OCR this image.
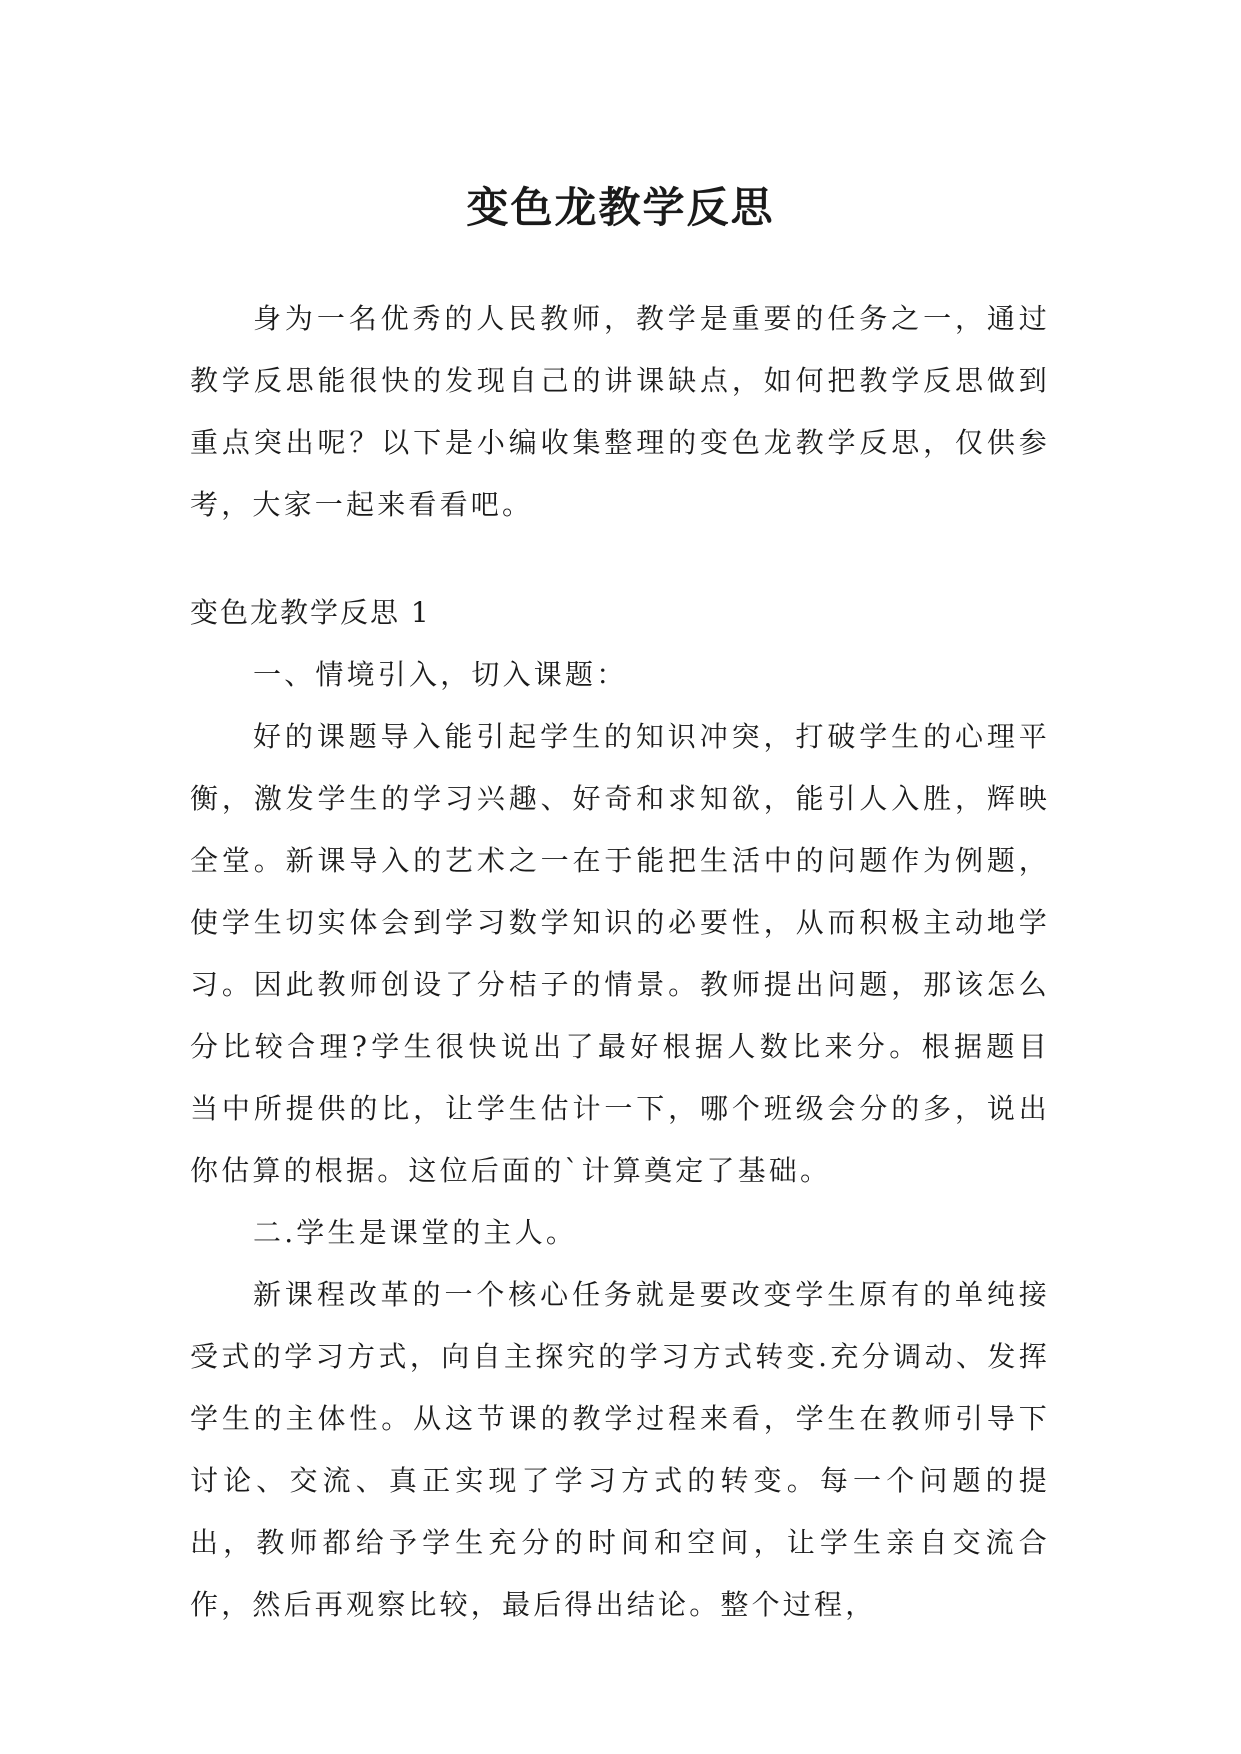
变色龙教学反思

身为一名优秀的人民教师，教学是重要的任务之一，通过教学反思能很快的发现自己的讲课缺点，如何把教学反思做到重点突出呢？以下是小编收集整理的变色龙教学反思，仅供参考，大家一起来看看吧。

变色龙教学反思 1

一、情境引入，切入课题：

好的课题导入能引起学生的知识冲突，打破学生的心理平衡，激发学生的学习兴趣、好奇和求知欲，能引人入胜，辉映全堂。新课导入的艺术之一在于能把生活中的问题作为例题，使学生切实体会到学习数学知识的必要性，从而积极主动地学习。因此教师创设了分桔子的情景。教师提出问题，那该怎么分比较合理?学生很快说出了最好根据人数比来分。根据题目当中所提供的比，让学生估计一下，哪个班级会分的多，说出你估算的根据。这位后面的`计算奠定了基础。

二.学生是课堂的主人。

新课程改革的一个核心任务就是要改变学生原有的单纯接受式的学习方式，向自主探究的学习方式转变.充分调动、发挥学生的主体性。从这节课的教学过程来看，学生在教师引导下讨论、交流、真正实现了学习方式的转变。每一个问题的提出，教师都给予学生充分的时间和空间，让学生亲自交流合作，然后再观察比较，最后得出结论。整个过程，
